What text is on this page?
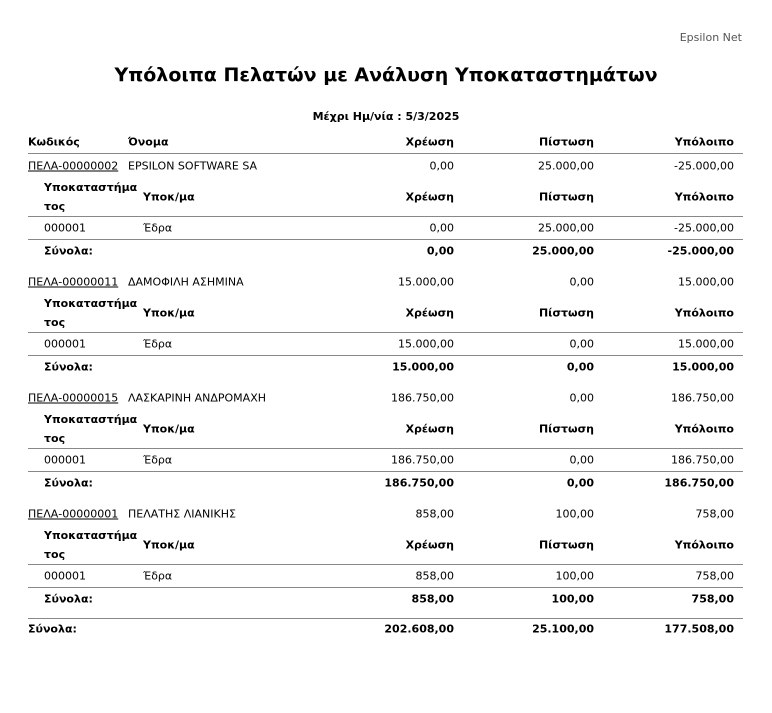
Epsilon Net
Υπόλοιπα Πελατών με Ανάλυση Υποκαταστημάτων
Μέχρι Ημ/νία : 5/3/2025
Κωδικός	Όνομα	Χρέωση	Πίστωση	Υπόλοιπο
ΠΕΛΑ-00000002 EPSILON SOFTWARE SA	0,00	25.000,00	-25.000,00
Υποκαταστήματος
Υποκ/μα	Χρέωση	Πίστωση	Υπόλοιπο
000001	Έδρα	0,00	25.000,00	-25.000,00
Σύνολα:	0,00	25.000,00	-25.000,00
ΠΕΛΑ-00000011 ΔΑΜΟΦΙΛΗ ΑΣΗΜΙΝΑ	15.000,00	0,00	15.000,00
Υποκαταστήματος
Υποκ/μα	Χρέωση	Πίστωση	Υπόλοιπο
000001	Έδρα	15.000,00	0,00	15.000,00
Σύνολα:	15.000,00	0,00	15.000,00
ΠΕΛΑ-00000015 ΛΑΣΚΑΡΙΝΗ ΑΝΔΡΟΜΑΧΗ	186.750,00	0,00	186.750,00
Υποκαταστήματος
Υποκ/μα	Χρέωση	Πίστωση	Υπόλοιπο
000001	Έδρα	186.750,00	0,00	186.750,00
Σύνολα:	186.750,00	0,00	186.750,00
ΠΕΛΑ-00000001 ΠΕΛΑΤΗΣ ΛΙΑΝΙΚΗΣ	858,00	100,00	758,00
Υποκαταστήματος
Υποκ/μα	Χρέωση	Πίστωση	Υπόλοιπο
000001	Έδρα	858,00	100,00	758,00
Σύνολα:	858,00	100,00	758,00
Σύνολα:	202.608,00	25.100,00	177.508,00
